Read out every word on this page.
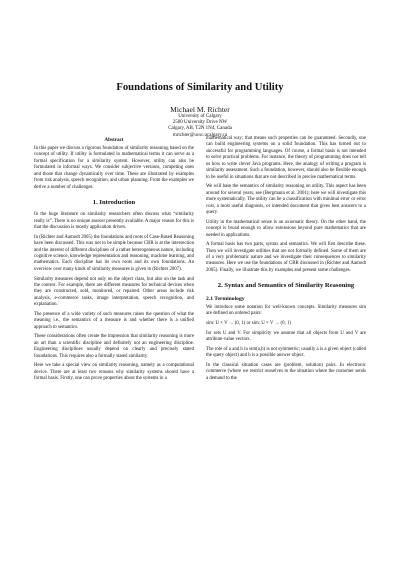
Foundations of Similarity and Utility
Michael M. Richter
University of Calgary
2500 University Drive NW
Calgary, AB, T2N 1N4, Canada
mrichter@ucsc.ucalgary.ca
Abstract

In this paper we discuss a rigorous foundation of similarity reasoning based on the concept of utility. If utility is formulated in mathematical terms it can serve as a formal specification for a similarity system. However, utility can also be formulated in informal ways. We consider subjective versions, competing ones and those that change dynamically over time. These are illustrated by examples from risk analysis, speech recognition, and urban planning. From the examples we derive a number of challenges.

1. Introduction

In the huge literature on similarity researchers often discuss what “similarity really is”. There is no unique answer presently available. A major reason for this is that the discussion is mostly application driven.

In (Richter and Aamodt 2005) the foundations and roots of Case-Based Reasoning have been discussed. This was not to be simple because CBR is at the intersection and the interest of different disciplines of a rather heterogeneous nature, including cognitive science, knowledge representation and reasoning, machine learning, and mathematics. Each discipline has its own roots and its own foundations. An overview over many kinds of similarity measures is given in (Richter 2007).

Similarity measures depend not only on the object class, but also on the task and the context. For example, there are different measures for technical devices when they are constructed, sold, monitored, or repaired. Other areas include risk analysis, e-commerce tasks, image interpretation, speech recognition, and explanation.

The presence of a wide variety of such measures raises the question of what the meaning i.e., the semantics of a measure is and whether there is a unified approach to semantics.

These considerations often create the impression that similarity reasoning is more an art than a scientific discipline and definitely not an engineering discipline. Engineering disciplines usually depend on clearly and precisely stated foundations. This requires also a formally stated similarity.

Here we take a special view on similarity reasoning, namely as a computational device. There are at least two reasons why similarity systems should have a formal basis. Firstly, one can prove properties about the systems in a

mathematical way; that means such properties can be guaranteed. Secondly, one can build engineering systems on a solid foundation. This has turned out to successful for programming languages. Of course, a formal basis is not intended to solve practical problems. For instance, the theory of programming does not tell us how to write clever Java programs. Here, the analogy of writing a program is similarity assessment. Such a foundation, however, should also be flexible enough to be useful in situations that are not described in precise mathematical terms.

We will base the semantics of similarity reasoning on utility. This aspect has been around for several years, see (Bergmann et al. 2001); here we will investigate this more systematically. The utility can be a classification with minimal error or error cost, a most useful diagnosis, or intended document that gives best answers to a query.

Utility in the mathematical sense is an axiomatic theory. On the other hand, the concept is broad enough to allow extensions beyond pure mathematics that are needed in applications.

A formal basis has two parts, syntax and semantics. We will first describe these. Then we will investigate utilities that are not formally defined. Some of them are of a very problematic nature and we investigate their consequences to similarity measures. Here we use the foundations of CBR discussed in (Richter and Aamodt 2005). Finally, we illustrate this by examples and present some challenges.

2. Syntax and Semantics of Similarity Reasoning
2.1 Terminology

We introduce some notation for well-known concepts. Similarity measures sim are defined on ordered pairs:

sim: U × V → (0, 1) or sim: U × V → (0, 1)

for sets U and V. For simplicity we assume that all objects from U and V are attribute-value vectors.

The role of a and b in sim(a,b) is not symmetric; usually a is a given object (called the query object) and b is a possible answer object.

In the classical situation cases are (problem, solution) pairs. In electronic commerce (where we restrict ourselves to the situation where the customer sends a demand to the
